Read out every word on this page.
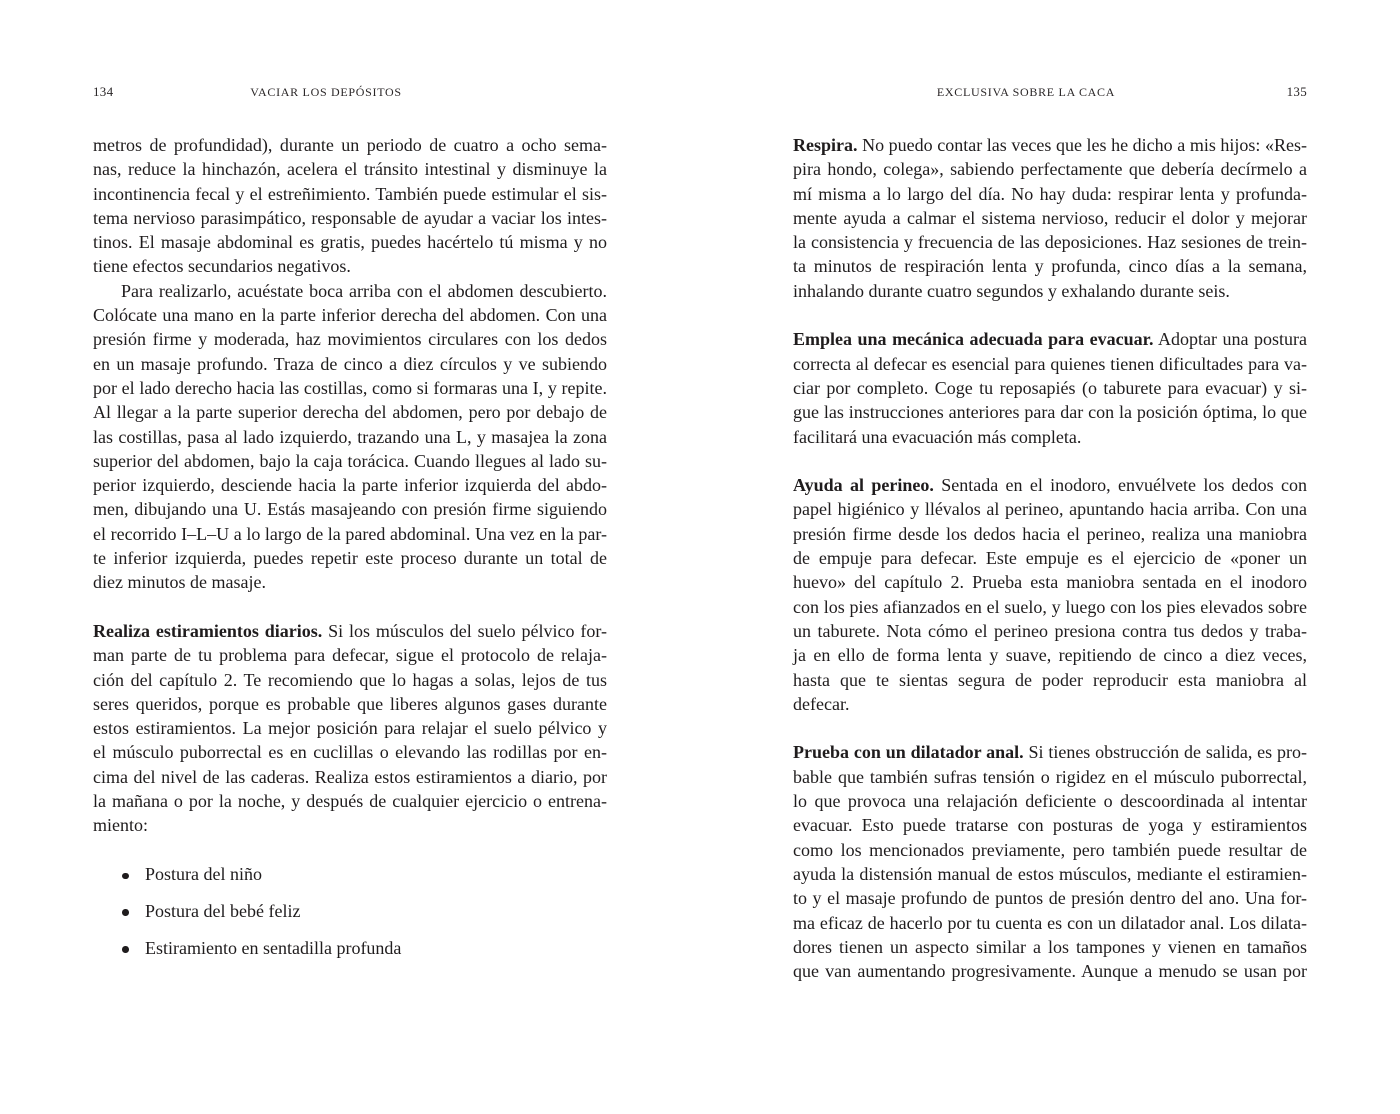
134	VACIAR LOS DEPÓSITOS
metros de profundidad), durante un periodo de cuatro a ocho sema-
nas, reduce la hinchazón, acelera el tránsito intestinal y disminuye la
incontinencia fecal y el estreñimiento. También puede estimular el sis-
tema nervioso parasimpático, responsable de ayudar a vaciar los intes-
tinos. El masaje abdominal es gratis, puedes hacértelo tú misma y no
tiene efectos secundarios negativos.
Para realizarlo, acuéstate boca arriba con el abdomen descubierto.
Colócate una mano en la parte inferior derecha del abdomen. Con una
presión firme y moderada, haz movimientos circulares con los dedos
en un masaje profundo. Traza de cinco a diez círculos y ve subiendo
por el lado derecho hacia las costillas, como si formaras una I, y repite.
Al llegar a la parte superior derecha del abdomen, pero por debajo de
las costillas, pasa al lado izquierdo, trazando una L, y masajea la zona
superior del abdomen, bajo la caja torácica. Cuando llegues al lado su-
perior izquierdo, desciende hacia la parte inferior izquierda del abdo-
men, dibujando una U. Estás masajeando con presión firme siguiendo
el recorrido I–L–U a lo largo de la pared abdominal. Una vez en la par-
te inferior izquierda, puedes repetir este proceso durante un total de
diez minutos de masaje.
Realiza estiramientos diarios. Si los músculos del suelo pélvico for-
man parte de tu problema para defecar, sigue el protocolo de relaja-
ción del capítulo 2. Te recomiendo que lo hagas a solas, lejos de tus
seres queridos, porque es probable que liberes algunos gases durante
estos estiramientos. La mejor posición para relajar el suelo pélvico y
el músculo puborrectal es en cuclillas o elevando las rodillas por en-
cima del nivel de las caderas. Realiza estos estiramientos a diario, por
la mañana o por la noche, y después de cualquier ejercicio o entrena-
miento:
Postura del niño
Postura del bebé feliz
Estiramiento en sentadilla profunda
EXCLUSIVA SOBRE LA CACA	135
Respira. No puedo contar las veces que les he dicho a mis hijos: «Res-
pira hondo, colega», sabiendo perfectamente que debería decírmelo a
mí misma a lo largo del día. No hay duda: respirar lenta y profunda-
mente ayuda a calmar el sistema nervioso, reducir el dolor y mejorar
la consistencia y frecuencia de las deposiciones. Haz sesiones de trein-
ta minutos de respiración lenta y profunda, cinco días a la semana,
inhalando durante cuatro segundos y exhalando durante seis.
Emplea una mecánica adecuada para evacuar. Adoptar una postura
correcta al defecar es esencial para quienes tienen dificultades para va-
ciar por completo. Coge tu reposapiés (o taburete para evacuar) y si-
gue las instrucciones anteriores para dar con la posición óptima, lo que
facilitará una evacuación más completa.
Ayuda al perineo. Sentada en el inodoro, envuélvete los dedos con
papel higiénico y llévalos al perineo, apuntando hacia arriba. Con una
presión firme desde los dedos hacia el perineo, realiza una maniobra
de empuje para defecar. Este empuje es el ejercicio de «poner un
huevo» del capítulo 2. Prueba esta maniobra sentada en el inodoro
con los pies afianzados en el suelo, y luego con los pies elevados sobre
un taburete. Nota cómo el perineo presiona contra tus dedos y traba-
ja en ello de forma lenta y suave, repitiendo de cinco a diez veces,
hasta que te sientas segura de poder reproducir esta maniobra al
defecar.
Prueba con un dilatador anal. Si tienes obstrucción de salida, es pro-
bable que también sufras tensión o rigidez en el músculo puborrectal,
lo que provoca una relajación deficiente o descoordinada al intentar
evacuar. Esto puede tratarse con posturas de yoga y estiramientos
como los mencionados previamente, pero también puede resultar de
ayuda la distensión manual de estos músculos, mediante el estiramien-
to y el masaje profundo de puntos de presión dentro del ano. Una for-
ma eficaz de hacerlo por tu cuenta es con un dilatador anal. Los dilata-
dores tienen un aspecto similar a los tampones y vienen en tamaños
que van aumentando progresivamente. Aunque a menudo se usan por
